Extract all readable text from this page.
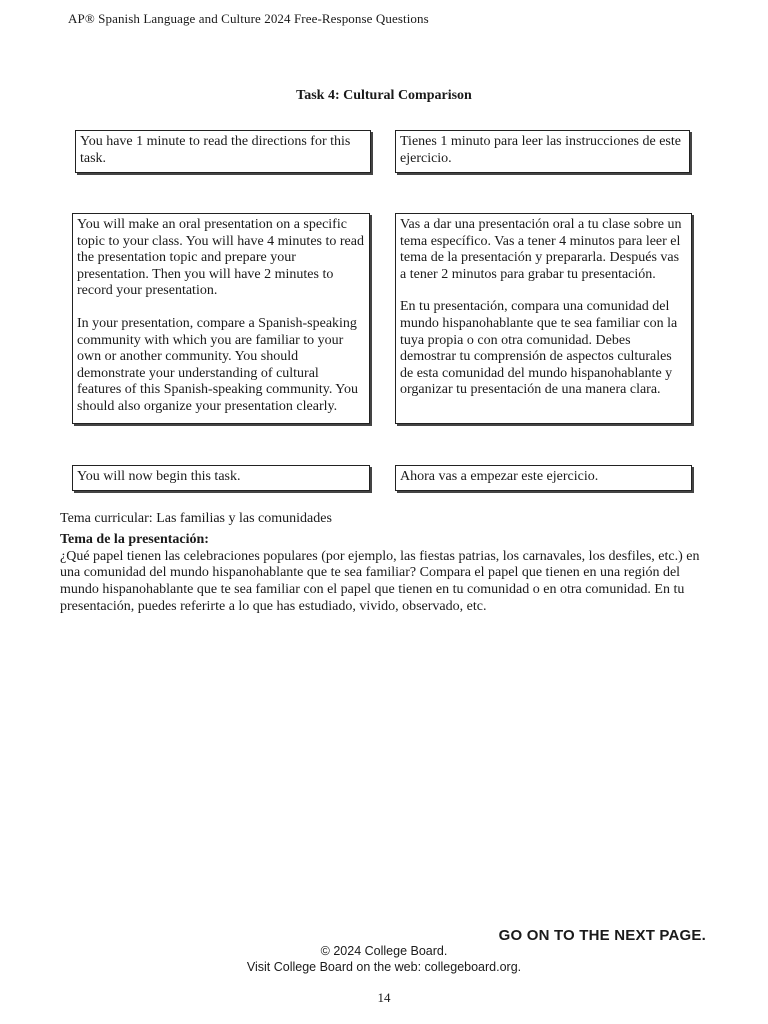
AP® Spanish Language and Culture 2024 Free-Response Questions
Task 4: Cultural Comparison

You have 1 minute to read the directions for this task.

Tienes 1 minuto para leer las instrucciones de este ejercicio.

You will make an oral presentation on a specific topic to your class. You will have 4 minutes to read the presentation topic and prepare your presentation. Then you will have 2 minutes to record your presentation.

In your presentation, compare a Spanish-speaking community with which you are familiar to your own or another community. You should demonstrate your understanding of cultural features of this Spanish-speaking community. You should also organize your presentation clearly.

Vas a dar una presentación oral a tu clase sobre un tema específico. Vas a tener 4 minutos para leer el tema de la presentación y prepararla. Después vas a tener 2 minutos para grabar tu presentación.

En tu presentación, compara una comunidad del mundo hispanohablante que te sea familiar con la tuya propia o con otra comunidad. Debes demostrar tu comprensión de aspectos culturales de esta comunidad del mundo hispanohablante y organizar tu presentación de una manera clara.

You will now begin this task.	Ahora vas a empezar este ejercicio.

Tema curricular: Las familias y las comunidades

Tema de la presentación:

¿Qué papel tienen las celebraciones populares (por ejemplo, las fiestas patrias, los carnavales, los desfiles, etc.) en una comunidad del mundo hispanohablante que te sea familiar? Compara el papel que tienen en una región del mundo hispanohablante que te sea familiar con el papel que tienen en tu comunidad o en otra comunidad. En tu presentación, puedes referirte a lo que has estudiado, vivido, observado, etc.

GO ON TO THE NEXT PAGE.
© 2024 College Board.
Visit College Board on the web: collegeboard.org.
14
